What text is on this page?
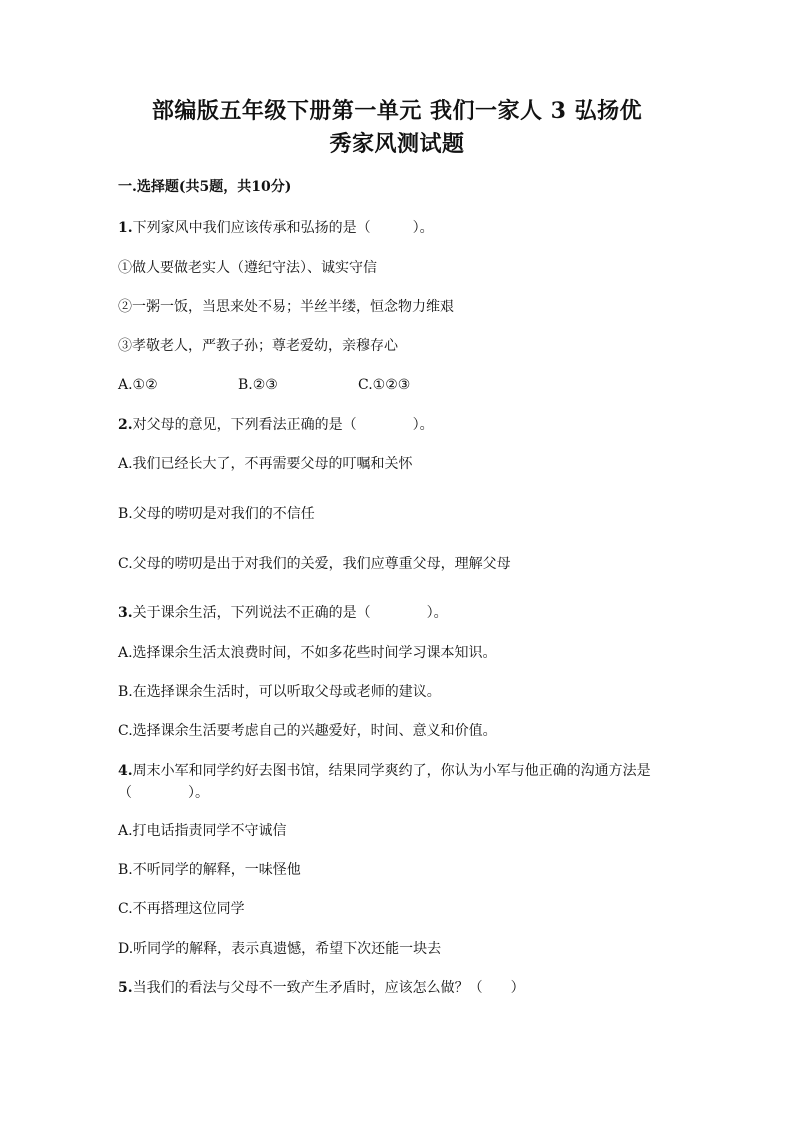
部编版五年级下册第一单元 我们一家人 3 弘扬优
秀家风测试题
一.选择题(共5题，共10分)
1.下列家风中我们应该传承和弘扬的是（　　　）。
①做人要做老实人（遵纪守法）、诚实守信
②一粥一饭，当思来处不易；半丝半缕，恒念物力维艰
③孝敬老人，严教子孙；尊老爱幼，亲穆存心
A.①②	B.②③	C.①②③
2.对父母的意见，下列看法正确的是（　　　　）。
A.我们已经长大了，不再需要父母的叮嘱和关怀
B.父母的唠叨是对我们的不信任
C.父母的唠叨是出于对我们的关爱，我们应尊重父母，理解父母
3.关于课余生活，下列说法不正确的是（　　　　）。
A.选择课余生活太浪费时间，不如多花些时间学习课本知识。
B.在选择课余生活时，可以听取父母或老师的建议。
C.选择课余生活要考虑自己的兴趣爱好，时间、意义和价值。
4.周末小军和同学约好去图书馆，结果同学爽约了，你认为小军与他正确的沟通方法是（　　　　）。
A.打电话指责同学不守诚信
B.不听同学的解释，一味怪他
C.不再搭理这位同学
D.听同学的解释，表示真遗憾，希望下次还能一块去
5.当我们的看法与父母不一致产生矛盾时，应该怎么做？（　　）
